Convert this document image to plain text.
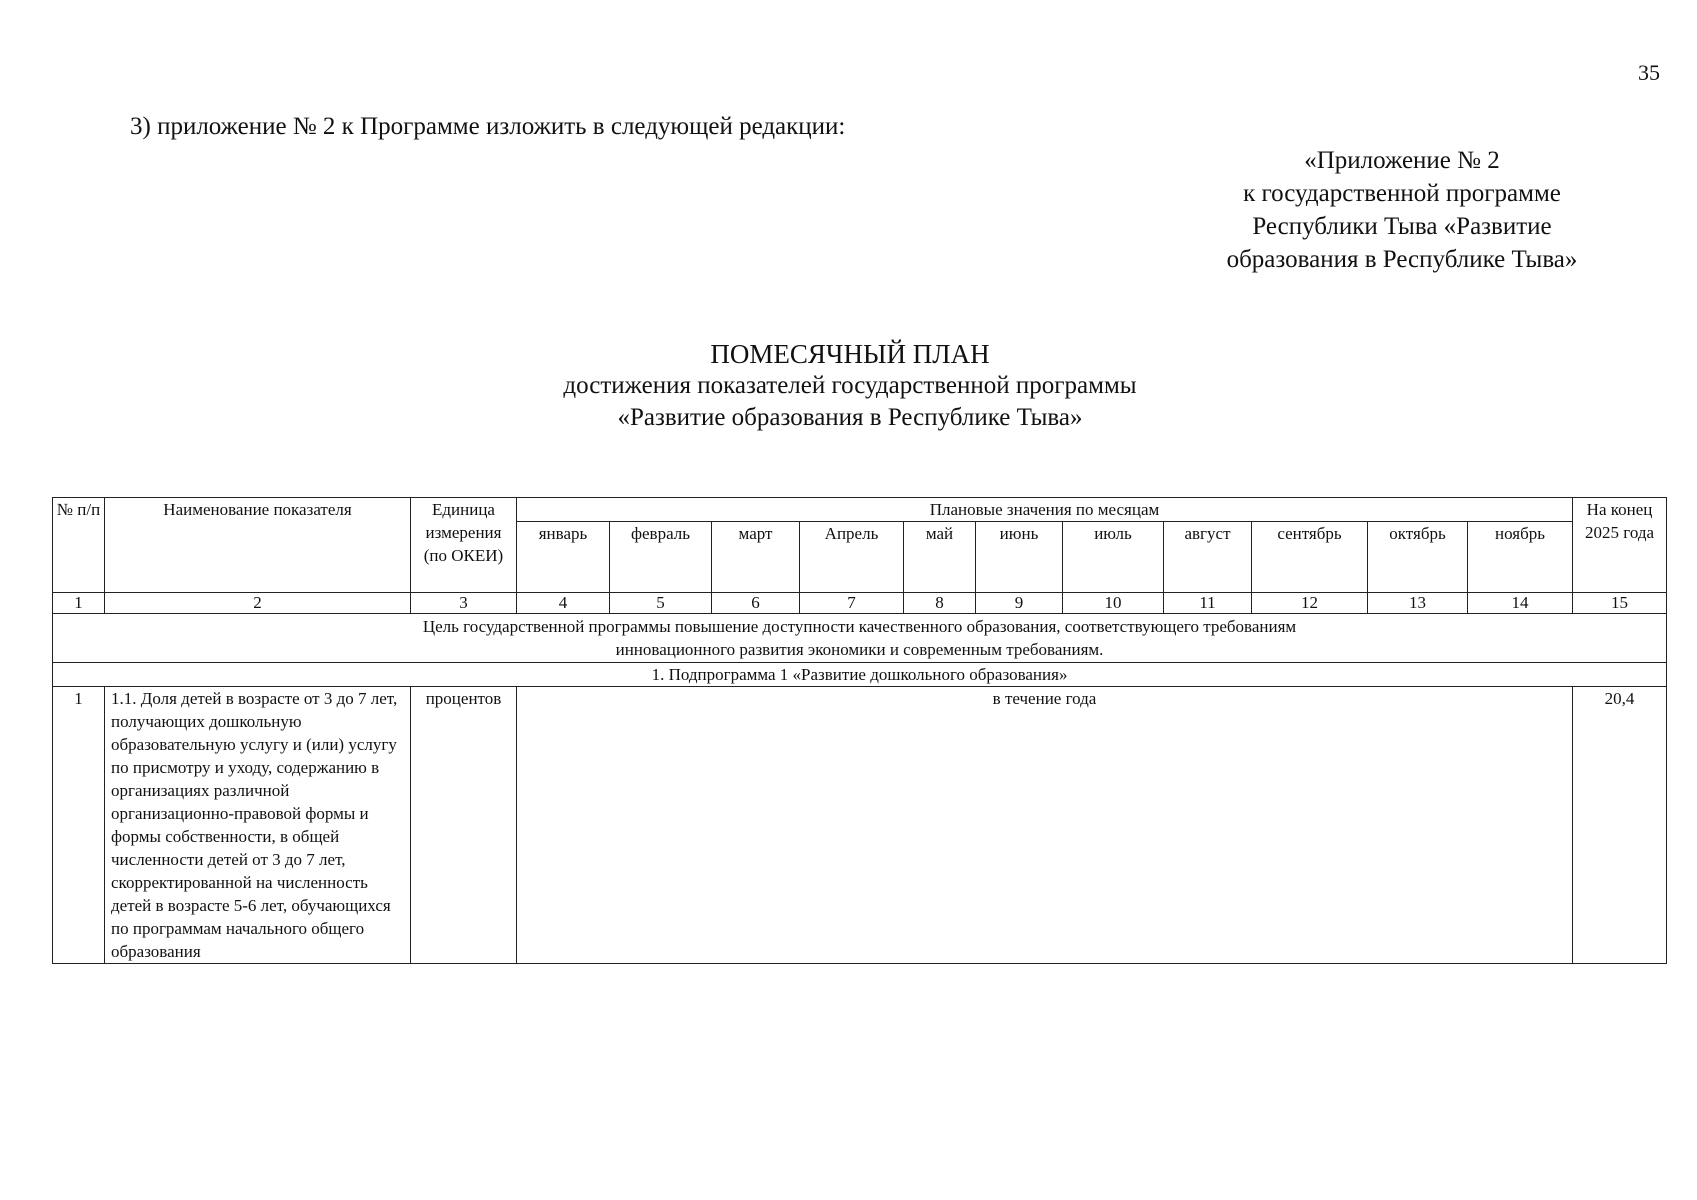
35
3) приложение № 2 к Программе изложить в следующей редакции:
«Приложение № 2
к государственной программе
Республики Тыва «Развитие
образования в Республике Тыва»
ПОМЕСЯЧНЫЙ ПЛАН
достижения показателей государственной программы
«Развитие образования в Республике Тыва»
№ п/п	Наименование показателя	Единица измерения (по ОКЕИ)	Плановые значения по месяцам											На конец 2025 года
			январь	февраль	март	Апрель	май	июнь	июль	август	сентябрь	октябрь	ноябрь	
1	2	3	4	5	6	7	8	9	10	11	12	13	14	15
Цель государственной программы повышение доступности качественного образования, соответствующего требованиям инновационного развития экономики и современным требованиям.														
1. Подпрограмма 1 «Развитие дошкольного образования»														
1	1.1. Доля детей в возрасте от 3 до 7 лет, получающих дошкольную образовательную услугу и (или) услугу по присмотру и уходу, содержанию в организациях различной организационно-правовой формы и формы собственности, в общей численности детей от 3 до 7 лет, скорректированной на численность детей в возрасте 5-6 лет, обучающихся по программам начального общего образования	процентов	в течение года											20,4
